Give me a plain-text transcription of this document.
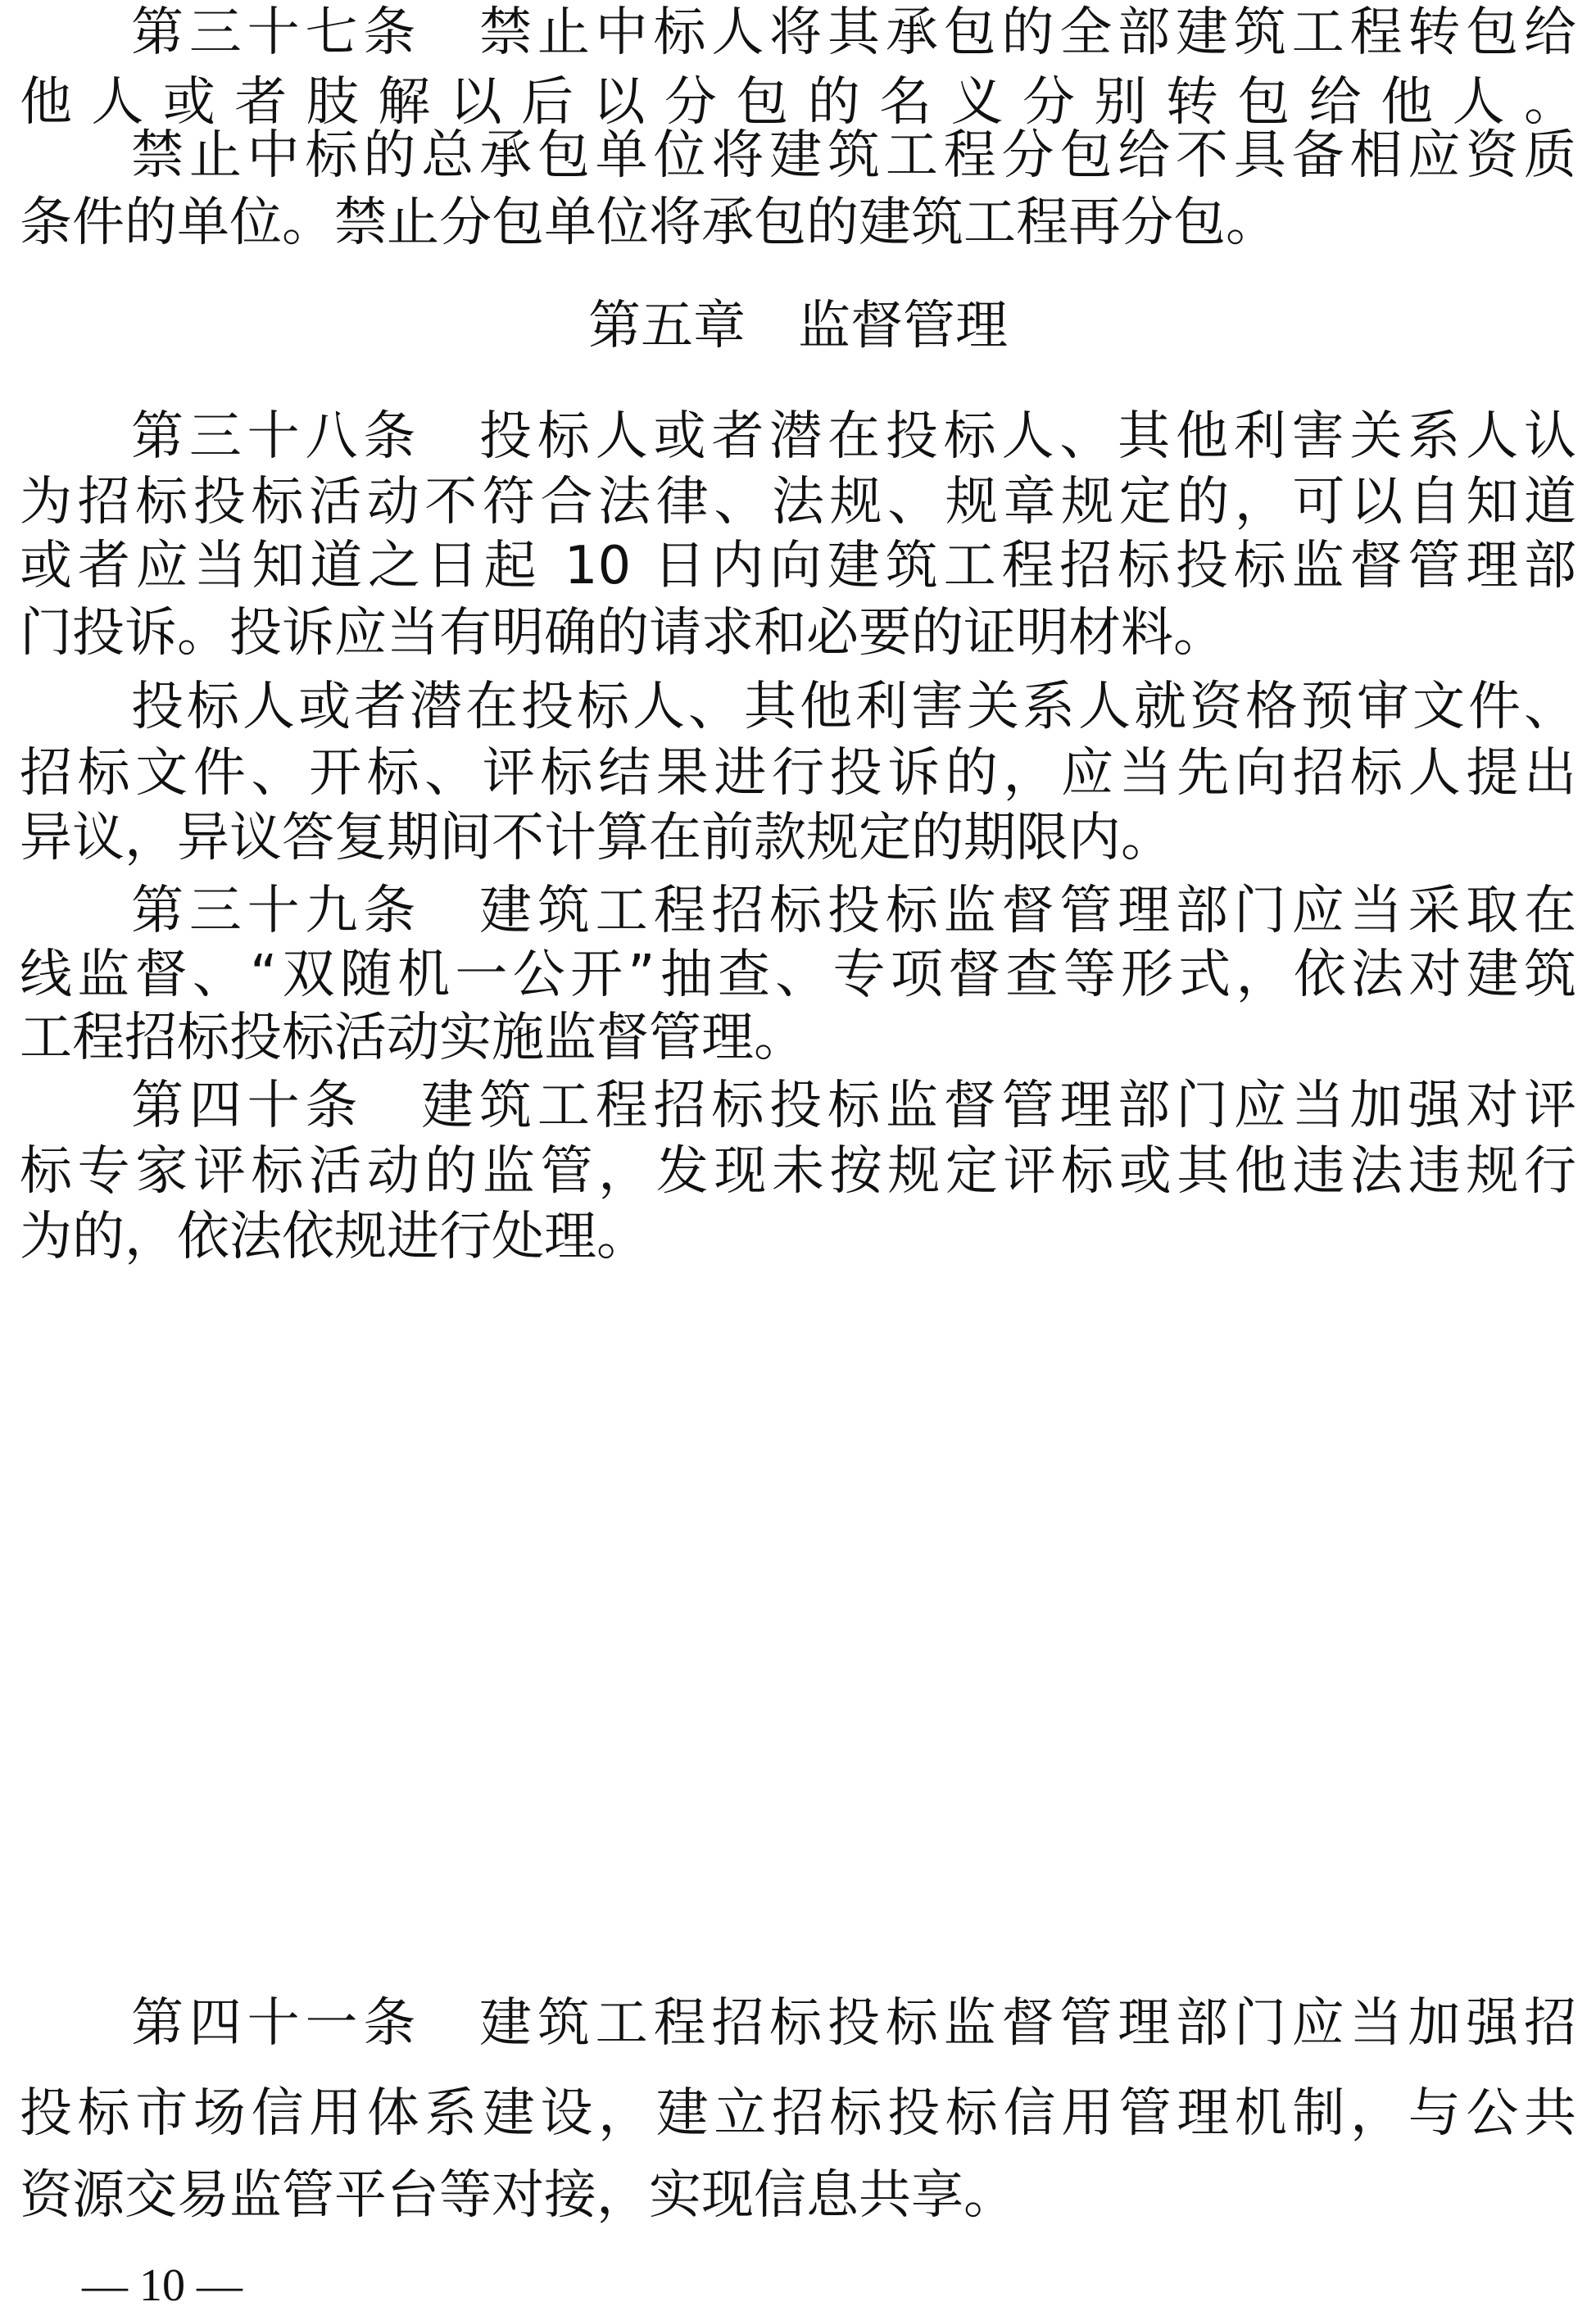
第三十七条　禁止中标人将其承包的全部建筑工程转包给
他人或者肢解以后以分包的名义分别转包给他人。
禁止中标的总承包单位将建筑工程分包给不具备相应资质
条件的单位。禁止分包单位将承包的建筑工程再分包。
第五章　监督管理
第三十八条　投标人或者潜在投标人、其他利害关系人认
为招标投标活动不符合法律、法规、规章规定的，可以自知道
或者应当知道之日起 10 日内向建筑工程招标投标监督管理部
门投诉。投诉应当有明确的请求和必要的证明材料。
投标人或者潜在投标人、其他利害关系人就资格预审文件、
招标文件、开标、评标结果进行投诉的，应当先向招标人提出
异议，异议答复期间不计算在前款规定的期限内。
第三十九条　建筑工程招标投标监督管理部门应当采取在
线监督、“双随机一公开”抽查、专项督查等形式，依法对建筑
工程招标投标活动实施监督管理。
第四十条　建筑工程招标投标监督管理部门应当加强对评
标专家评标活动的监管，发现未按规定评标或其他违法违规行
为的，依法依规进行处理。
第四十一条　建筑工程招标投标监督管理部门应当加强招
投标市场信用体系建设，建立招标投标信用管理机制，与公共
资源交易监管平台等对接，实现信息共享。
— 10 —
